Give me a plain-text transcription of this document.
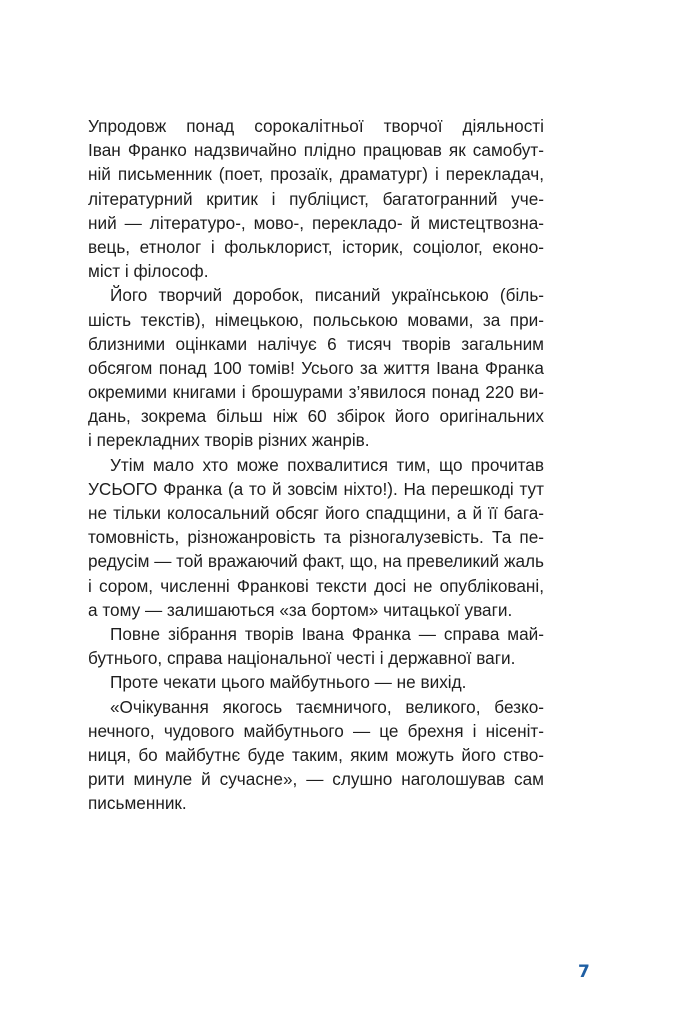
Упродовж понад сорокалітньої творчої діяльності
Іван Франко надзвичайно плідно працював як самобут-
ній письменник (поет, прозаїк, драматург) і перекладач,
літературний критик і публіцист, багатогранний уче-
ний — літературо-, мово-, перекладо- й мистецтвозна-
вець, етнолог і фольклорист, історик, соціолог, еконо-
міст і філософ.

Його творчий доробок, писаний українською (біль-
шість текстів), німецькою, польською мовами, за при-
близними оцінками налічує 6 тисяч творів загальним
обсягом понад 100 томів! Усього за життя Івана Франка
окремими книгами і брошурами з’явилося понад 220 ви-
дань, зокрема більш ніж 60 збірок його оригінальних
і перекладних творів різних жанрів.

Утім мало хто може похвалитися тим, що прочитав
УСЬОГО Франка (а то й зовсім ніхто!). На перешкоді тут
не тільки колосальний обсяг його спадщини, а й її бага-
томовність, різножанровість та різногалузевість. Та пе-
редусім — той вражаючий факт, що, на превеликий жаль
і сором, численні Франкові тексти досі не опубліковані,
а тому — залишаються «за бортом» читацької уваги.

Повне зібрання творів Івана Франка — справа май-
бутнього, справа національної честі і державної ваги.

Проте чекати цього майбутнього — не вихід.

«Очікування якогось таємничого, великого, безко-
нечного, чудового майбутнього — це брехня і нісеніт-
ниця, бо майбутнє буде таким, яким можуть його ство-
рити минуле й сучасне», — слушно наголошував сам
письменник.

7
